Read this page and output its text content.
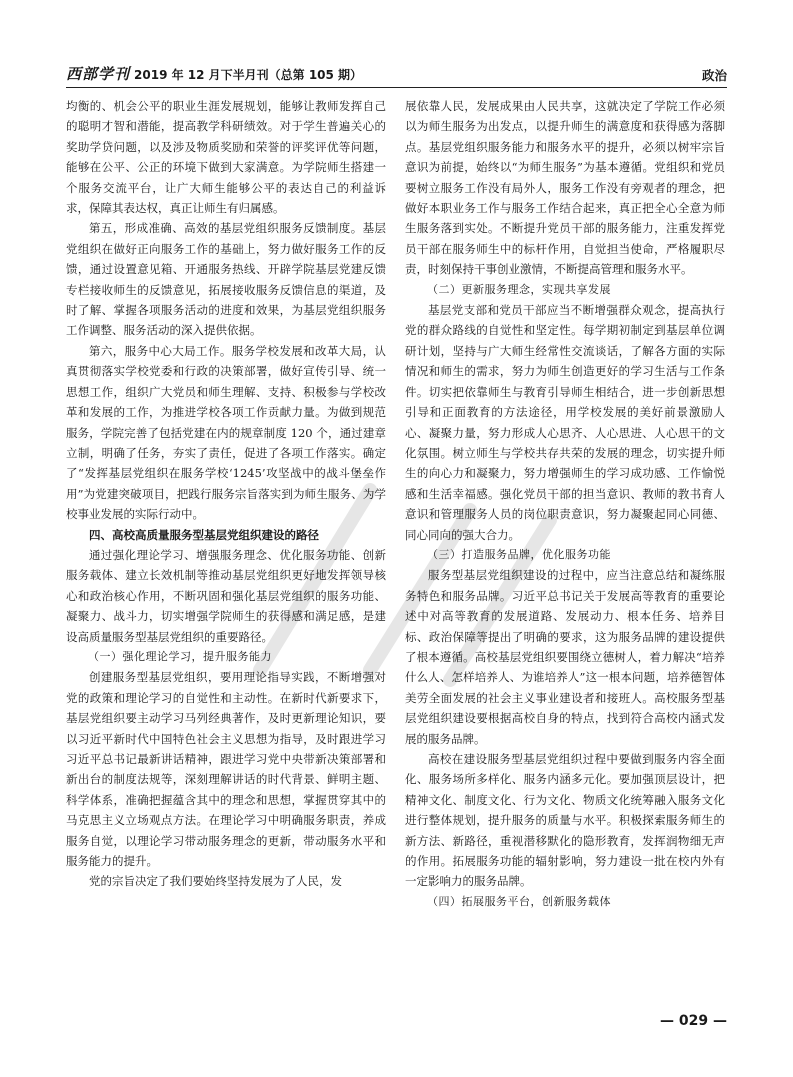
西部学刊 2019 年 12 月下半月刊（总第 105 期）	政治

均衡的、机会公平的职业生涯发展规划，能够让教师发挥自己的聪明才智和潜能，提高教学科研绩效。对于学生普遍关心的奖助学贷问题，以及涉及物质奖励和荣誉的评奖评优等问题，能够在公平、公正的环境下做到大家满意。为学院师生搭建一个服务交流平台，让广大师生能够公平的表达自己的利益诉求，保障其表达权，真正让师生有归属感。

第五，形成准确、高效的基层党组织服务反馈制度。基层党组织在做好正向服务工作的基础上，努力做好服务工作的反馈，通过设置意见箱、开通服务热线、开辟学院基层党建反馈专栏接收师生的反馈意见，拓展接收服务反馈信息的渠道，及时了解、掌握各项服务活动的进度和效果，为基层党组织服务工作调整、服务活动的深入提供依据。

第六，服务中心大局工作。服务学校发展和改革大局，认真贯彻落实学校党委和行政的决策部署，做好宣传引导、统一思想工作，组织广大党员和师生理解、支持、积极参与学校改革和发展的工作，为推进学校各项工作贡献力量。为做到规范服务，学院完善了包括党建在内的规章制度 120 个，通过建章立制，明确了任务，夯实了责任，促进了各项工作落实。确定了“发挥基层党组织在服务学校‘1245’攻坚战中的战斗堡垒作用”为党建突破项目，把践行服务宗旨落实到为师生服务、为学校事业发展的实际行动中。

四、高校高质量服务型基层党组织建设的路径

通过强化理论学习、增强服务理念、优化服务功能、创新服务载体、建立长效机制等推动基层党组织更好地发挥领导核心和政治核心作用，不断巩固和强化基层党组织的服务功能、凝聚力、战斗力，切实增强学院师生的获得感和满足感，是建设高质量服务型基层党组织的重要路径。

（一）强化理论学习，提升服务能力

创建服务型基层党组织，要用理论指导实践，不断增强对党的政策和理论学习的自觉性和主动性。在新时代新要求下，基层党组织要主动学习马列经典著作，及时更新理论知识，要以习近平新时代中国特色社会主义思想为指导，及时跟进学习习近平总书记最新讲话精神，跟进学习党中央带新决策部署和新出台的制度法规等，深刻理解讲话的时代背景、鲜明主题、科学体系，准确把握蕴含其中的理念和思想，掌握贯穿其中的马克思主义立场观点方法。在理论学习中明确服务职责，养成服务自觉，以理论学习带动服务理念的更新，带动服务水平和服务能力的提升。

党的宗旨决定了我们要始终坚持发展为了人民，发

展依靠人民，发展成果由人民共享，这就决定了学院工作必须以为师生服务为出发点，以提升师生的满意度和获得感为落脚点。基层党组织服务能力和服务水平的提升，必须以树牢宗旨意识为前提，始终以“为师生服务”为基本遵循。党组织和党员要树立服务工作没有局外人，服务工作没有旁观者的理念，把做好本职业务工作与服务工作结合起来，真正把全心全意为师生服务落到实处。不断提升党员干部的服务能力，注重发挥党员干部在服务师生中的标杆作用，自觉担当使命，严格履职尽责，时刻保持干事创业激情，不断提高管理和服务水平。

（二）更新服务理念，实现共享发展

基层党支部和党员干部应当不断增强群众观念，提高执行党的群众路线的自觉性和坚定性。每学期初制定到基层单位调研计划，坚持与广大师生经常性交流谈话，了解各方面的实际情况和师生的需求，努力为师生创造更好的学习生活与工作条件。切实把依靠师生与教育引导师生相结合，进一步创新思想引导和正面教育的方法途径，用学校发展的美好前景激励人心、凝聚力量，努力形成人心思齐、人心思进、人心思干的文化氛围。树立师生与学校共存共荣的发展的理念，切实提升师生的向心力和凝聚力，努力增强师生的学习成功感、工作愉悦感和生活幸福感。强化党员干部的担当意识、教师的教书育人意识和管理服务人员的岗位职责意识，努力凝聚起同心同德、同心同向的强大合力。

（三）打造服务品牌，优化服务功能

服务型基层党组织建设的过程中，应当注意总结和凝练服务特色和服务品牌。习近平总书记关于发展高等教育的重要论述中对高等教育的发展道路、发展动力、根本任务、培养目标、政治保障等提出了明确的要求，这为服务品牌的建设提供了根本遵循。高校基层党组织要围绕立德树人，着力解决“培养什么人、怎样培养人、为谁培养人”这一根本问题，培养德智体美劳全面发展的社会主义事业建设者和接班人。高校服务型基层党组织建设要根据高校自身的特点，找到符合高校内涵式发展的服务品牌。

高校在建设服务型基层党组织过程中要做到服务内容全面化、服务场所多样化、服务内涵多元化。要加强顶层设计，把精神文化、制度文化、行为文化、物质文化统筹融入服务文化进行整体规划，提升服务的质量与水平。积极探索服务师生的新方法、新路径，重视潜移默化的隐形教育，发挥润物细无声的作用。拓展服务功能的辐射影响，努力建设一批在校内外有一定影响力的服务品牌。

（四）拓展服务平台，创新服务载体

— 029 —
